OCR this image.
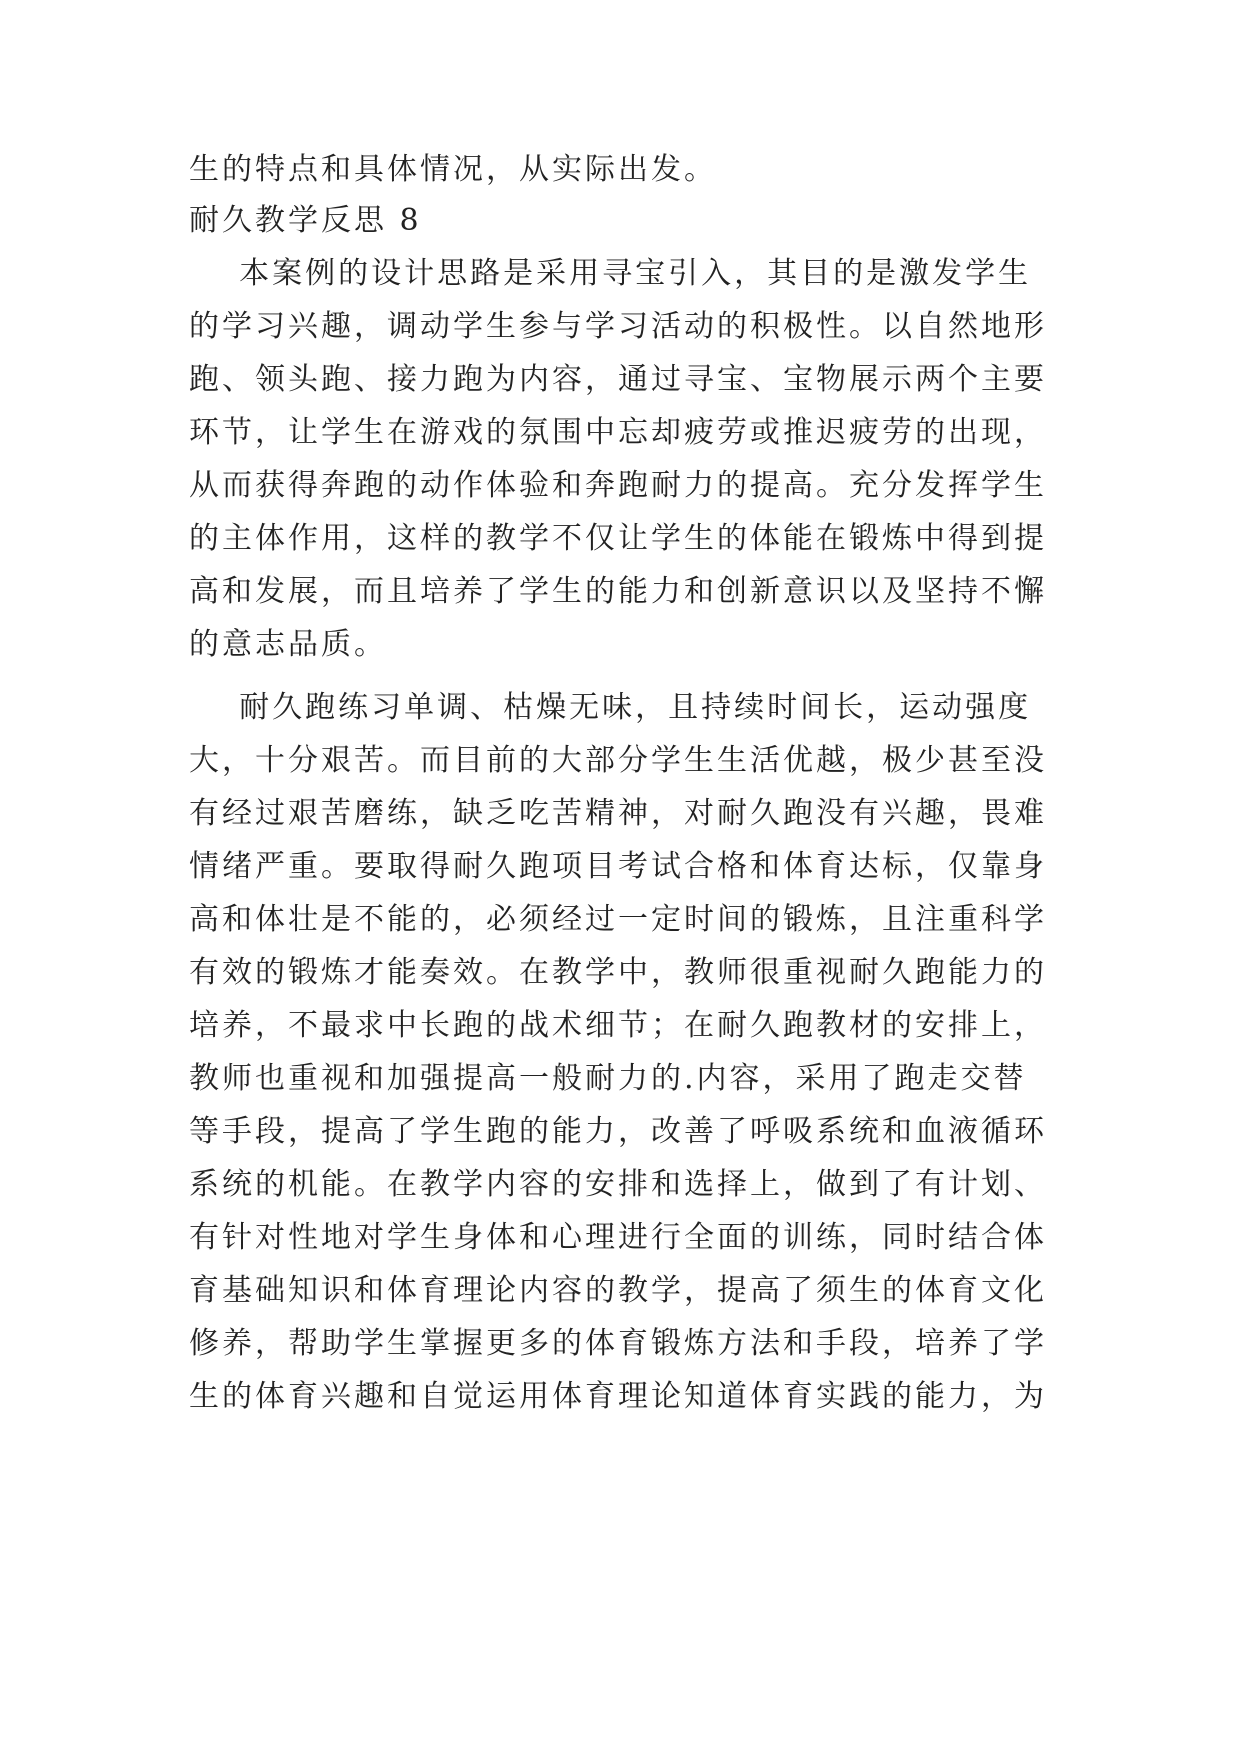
生的特点和具体情况，从实际出发。
耐久教学反思 8
本案例的设计思路是采用寻宝引入，其目的是激发学生
的学习兴趣，调动学生参与学习活动的积极性。以自然地形
跑、领头跑、接力跑为内容，通过寻宝、宝物展示两个主要
环节，让学生在游戏的氛围中忘却疲劳或推迟疲劳的出现，
从而获得奔跑的动作体验和奔跑耐力的提高。充分发挥学生
的主体作用，这样的教学不仅让学生的体能在锻炼中得到提
高和发展，而且培养了学生的能力和创新意识以及坚持不懈
的意志品质。
耐久跑练习单调、枯燥无味，且持续时间长，运动强度
大，十分艰苦。而目前的大部分学生生活优越，极少甚至没
有经过艰苦磨练，缺乏吃苦精神，对耐久跑没有兴趣，畏难
情绪严重。要取得耐久跑项目考试合格和体育达标，仅靠身
高和体壮是不能的，必须经过一定时间的锻炼，且注重科学
有效的锻炼才能奏效。在教学中，教师很重视耐久跑能力的
培养，不最求中长跑的战术细节；在耐久跑教材的安排上，
教师也重视和加强提高一般耐力的.内容，采用了跑走交替
等手段，提高了学生跑的能力，改善了呼吸系统和血液循环
系统的机能。在教学内容的安排和选择上，做到了有计划、
有针对性地对学生身体和心理进行全面的训练，同时结合体
育基础知识和体育理论内容的教学，提高了须生的体育文化
修养，帮助学生掌握更多的体育锻炼方法和手段，培养了学
生的体育兴趣和自觉运用体育理论知道体育实践的能力，为
